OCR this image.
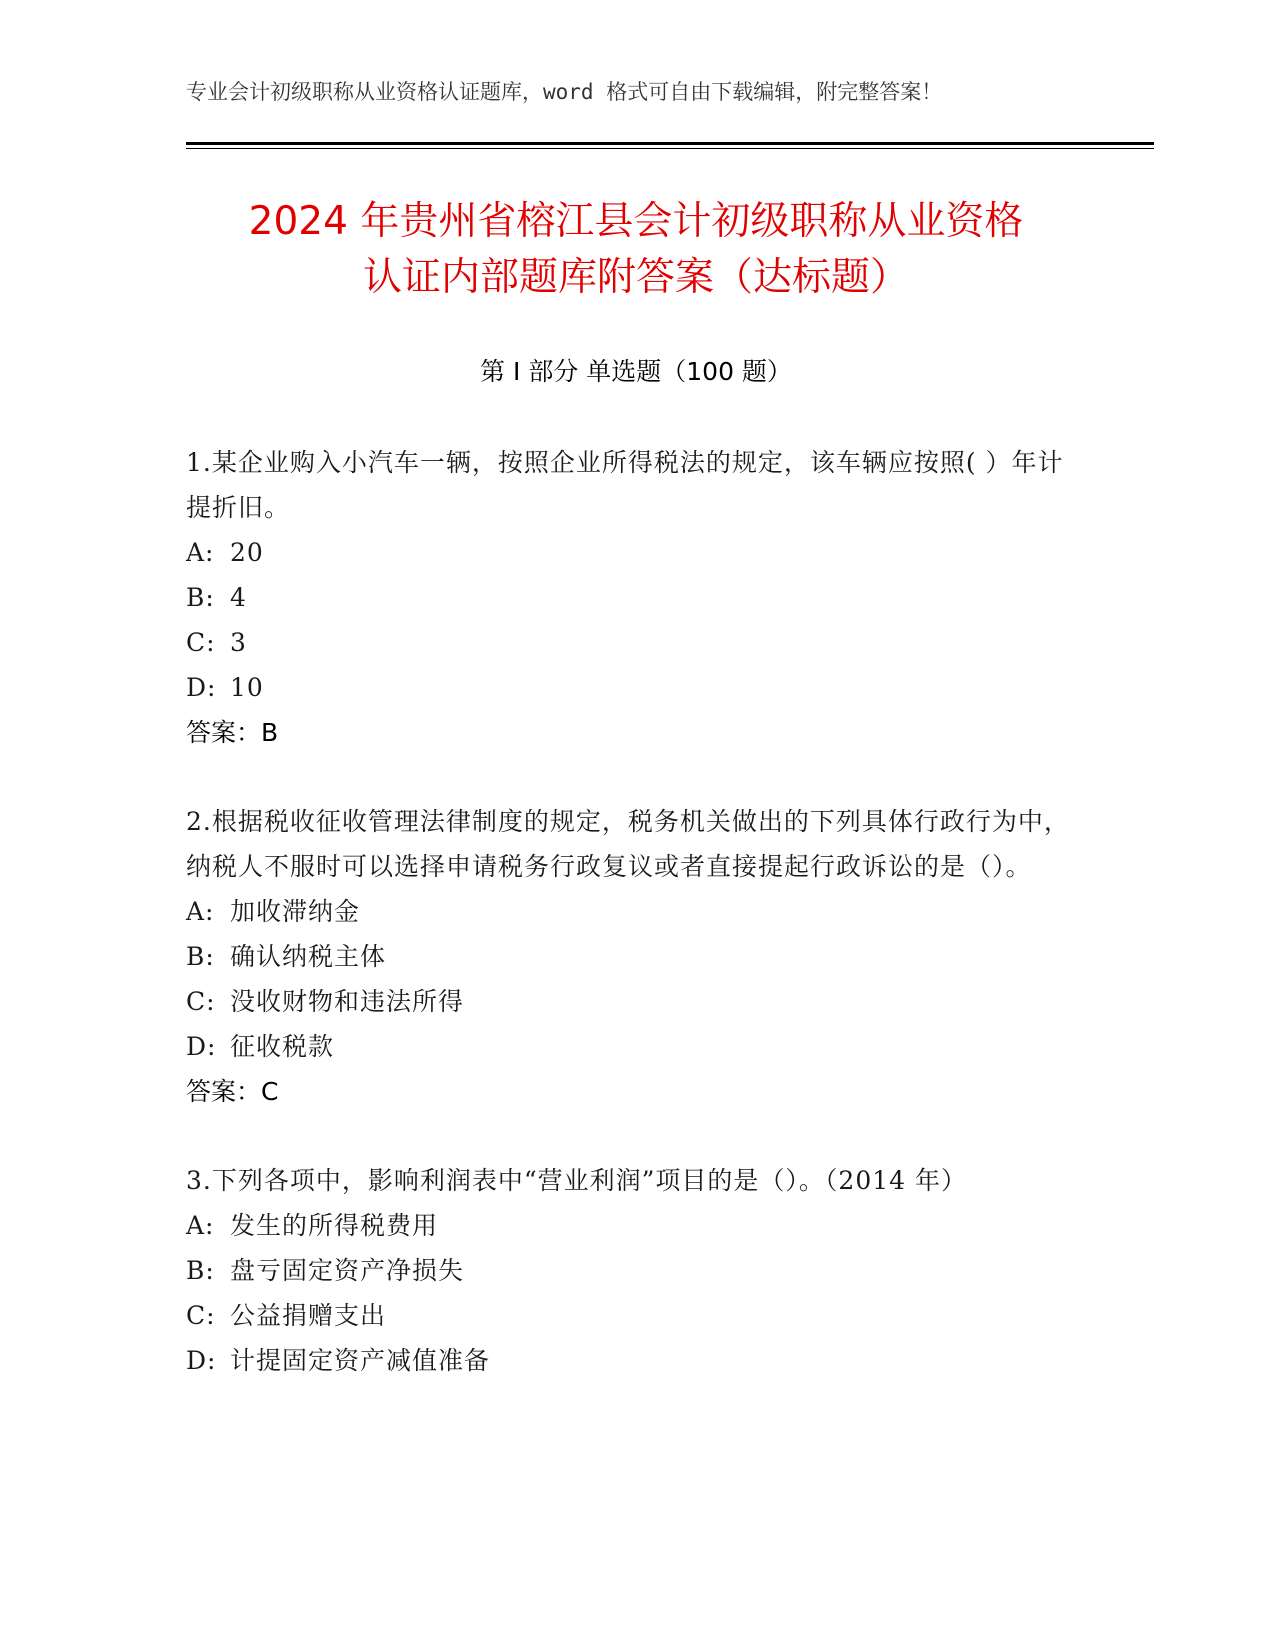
专业会计初级职称从业资格认证题库，word 格式可自由下载编辑，附完整答案！
2024 年贵州省榕江县会计初级职称从业资格
认证内部题库附答案（达标题）
第 I 部分 单选题（100 题）

1.某企业购入小汽车一辆，按照企业所得税法的规定，该车辆应按照( ）年计提折旧。

A: 20

B: 4

C: 3

D: 10

答案：B

2.根据税收征收管理法律制度的规定，税务机关做出的下列具体行政行为中，纳税人不服时可以选择申请税务行政复议或者直接提起行政诉讼的是（）。

A: 加收滞纳金

B: 确认纳税主体

C: 没收财物和违法所得

D: 征收税款

答案：C

3.下列各项中，影响利润表中“营业利润”项目的是（）。（2014 年）

A: 发生的所得税费用

B: 盘亏固定资产净损失

C: 公益捐赠支出

D: 计提固定资产减值准备
